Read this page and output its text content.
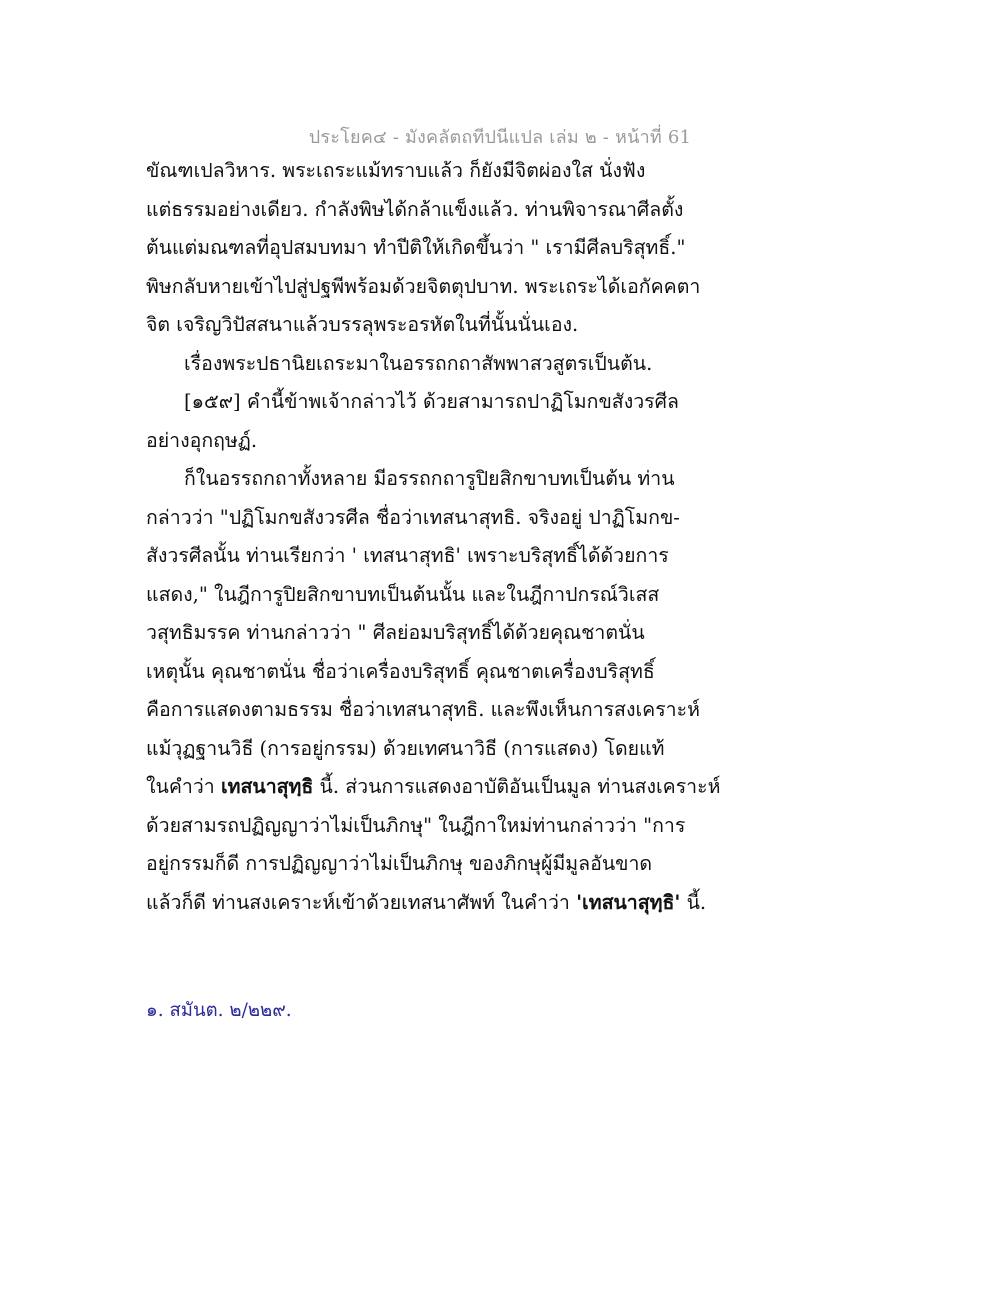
ประโยค๔ - มังคลัตถทีปนีแปล เล่ม ๒ - หน้าที่ 61
ขัณฑเปลวิหาร. พระเถระแม้ทราบแล้ว ก็ยังมีจิตผ่องใส นั่งฟัง
แต่ธรรมอย่างเดียว. กำลังพิษได้กล้าแข็งแล้ว. ท่านพิจารณาศีลตั้ง
ต้นแต่มณฑลที่อุปสมบทมา ทำปีติให้เกิดขึ้นว่า " เรามีศีลบริสุทธิ์."
พิษกลับหายเข้าไปสู่ปฐพีพร้อมด้วยจิตตุปบาท. พระเถระได้เอกัคคตา
จิต เจริญวิปัสสนาแล้วบรรลุพระอรหัตในที่นั้นนั่นเอง.
เรื่องพระปธานิยเถระมาในอรรถกถาสัพพาสวสูตรเป็นต้น.
[๑๕๙] คำนี้ข้าพเจ้ากล่าวไว้ ด้วยสามารถปาฏิโมกขสังวรศีล
อย่างอุกฤษฏ์.
ก็ในอรรถกถาทั้งหลาย มีอรรถกถารูปิยสิกขาบทเป็นต้น ท่าน
กล่าวว่า "ปฏิโมกขสังวรศีล ชื่อว่าเทสนาสุทธิ. จริงอยู่ ปาฏิโมกข-
สังวรศีลนั้น ท่านเรียกว่า ' เทสนาสุทธิ' เพราะบริสุทธิ์ได้ด้วยการ
แสดง," ในฎีการูปิยสิกขาบทเป็นต้นนั้น และในฎีกาปกรณ์วิเสส
วสุทธิมรรค ท่านกล่าวว่า " ศีลย่อมบริสุทธิ์ได้ด้วยคุณชาตนั่น
เหตุนั้น คุณชาตนั่น ชื่อว่าเครื่องบริสุทธิ์ คุณชาตเครื่องบริสุทธิ์
คือการแสดงตามธรรม ชื่อว่าเทสนาสุทธิ. และพึงเห็นการสงเคราะห์
แม้วุฏฐานวิธี (การอยู่กรรม) ด้วยเทศนาวิธี (การแสดง) โดยแท้
ในคำว่า เทสนาสุทฺธิ นี้. ส่วนการแสดงอาบัติอันเป็นมูล ท่านสงเคราะห์
ด้วยสามรถปฏิญญาว่าไม่เป็นภิกษุ" ในฎีกาใหม่ท่านกล่าวว่า "การ
อยู่กรรมก็ดี การปฏิญญาว่าไม่เป็นภิกษุ ของภิกษุผู้มีมูลอันขาด
แล้วก็ดี ท่านสงเคราะห์เข้าด้วยเทสนาศัพท์ ในคำว่า 'เทสนาสุทฺธิ' นี้.
๑. สมันต. ๒/๒๒๙.
